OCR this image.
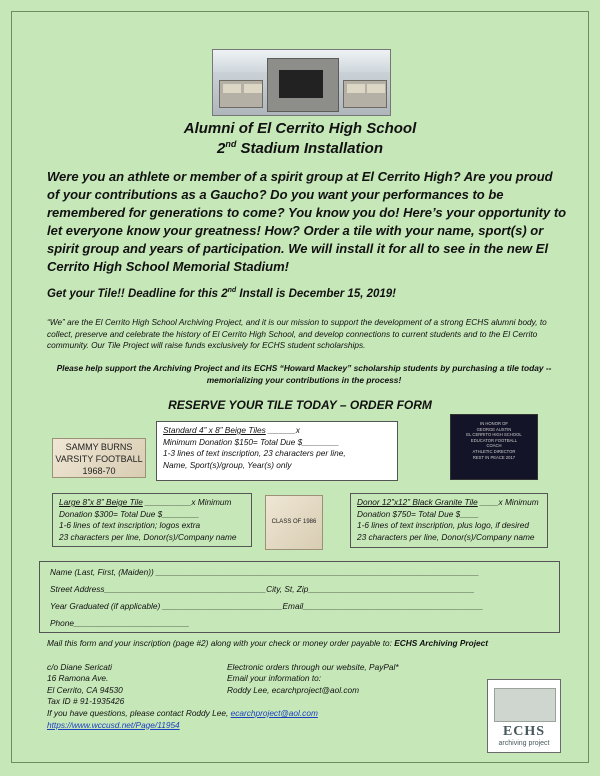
Alumni of El Cerrito High School
2nd Stadium Installation
Were you an athlete or member of a spirit group at El Cerrito High? Are you proud of your contributions as a Gaucho? Do you want your performances to be remembered for generations to come? You know you do! Here’s your opportunity to let everyone know your greatness! How? Order a tile with your name, sport(s) or spirit group and years of participation. We will install it for all to see in the new El Cerrito High School Memorial Stadium!
Get your Tile!! Deadline for this 2nd Install is December 15, 2019!
“We” are the El Cerrito High School Archiving Project, and it is our mission to support the development of a strong ECHS alumni body, to collect, preserve and celebrate the history of El Cerrito High School, and develop connections to current students and to the El Cerrito community. Our Tile Project will raise funds exclusively for ECHS student scholarships.
Please help support the Archiving Project and its ECHS “Howard Mackey” scholarship students by purchasing a tile today -- memorializing your contributions in the process!
RESERVE YOUR TILE TODAY – ORDER FORM
SAMMY BURNS
VARSITY FOOTBALL
1968-70
Standard 4” x 8” Beige Tiles ______x
Minimum Donation $150= Total Due $________
1-3 lines of text inscription, 23 characters per line,
Name, Sport(s)/group, Year(s) only
IN HONOR OF
GEORGE AUSTIN
EL CERRITO HIGH SCHOOL
EDUCATOR FOOTBALL
COACH
ATHLETIC DIRECTOR
REST IN PEACE 2017
Large 8”x 8” Beige Tile __________x Minimum
Donation $300= Total Due $________
1-6 lines of text inscription; logos extra
23 characters per line, Donor(s)/Company name
CLASS OF 1986
Donor 12”x12” Black Granite Tile ____x Minimum
Donation $750= Total Due $____
1-6 lines of text inscription, plus logo, if desired
23 characters per line, Donor(s)/Company name
Name (Last, First, (Maiden)) ______________________________________________________________________
Street Address___________________________________City, St, Zip____________________________________
Year Graduated (if applicable) __________________________Email_______________________________________
Phone_________________________
Mail this form and your inscription (page #2) along with your check or money order payable to: ECHS Archiving Project
c/o Diane Sericati
16 Ramona Ave.
El Cerrito, CA 94530
Tax ID # 91-1935426
Electronic orders through our website, PayPal*
Email your information to:
Roddy Lee, ecarchproject@aol.com
If you have questions, please contact Roddy Lee, ecarchproject@aol.com
https://www.wccusd.net/Page/11954	ECHS
archiving project
